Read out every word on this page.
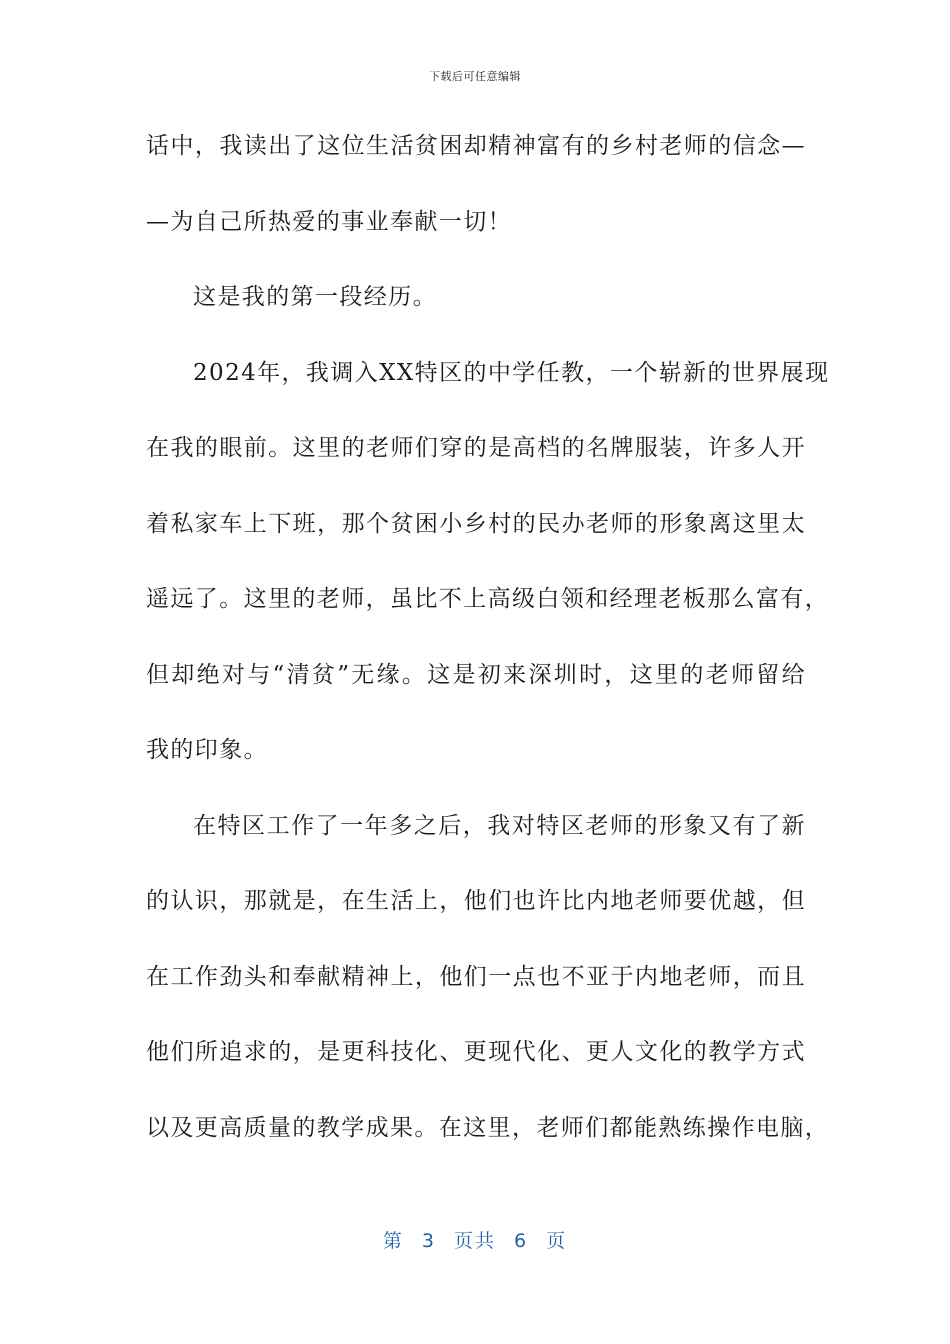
下载后可任意编辑
话中，我读出了这位生活贫困却精神富有的乡村老师的信念—
—为自己所热爱的事业奉献一切！
这是我的第一段经历。
2024年，我调入XX特区的中学任教，一个崭新的世界展现
在我的眼前。这里的老师们穿的是高档的名牌服装，许多人开
着私家车上下班，那个贫困小乡村的民办老师的形象离这里太
遥远了。这里的老师，虽比不上高级白领和经理老板那么富有，
但却绝对与“清贫”无缘。这是初来深圳时，这里的老师留给
我的印象。
在特区工作了一年多之后，我对特区老师的形象又有了新
的认识，那就是，在生活上，他们也许比内地老师要优越，但
在工作劲头和奉献精神上，他们一点也不亚于内地老师，而且
他们所追求的，是更科技化、更现代化、更人文化的教学方式
以及更高质量的教学成果。在这里，老师们都能熟练操作电脑，
第 3 页共 6 页
